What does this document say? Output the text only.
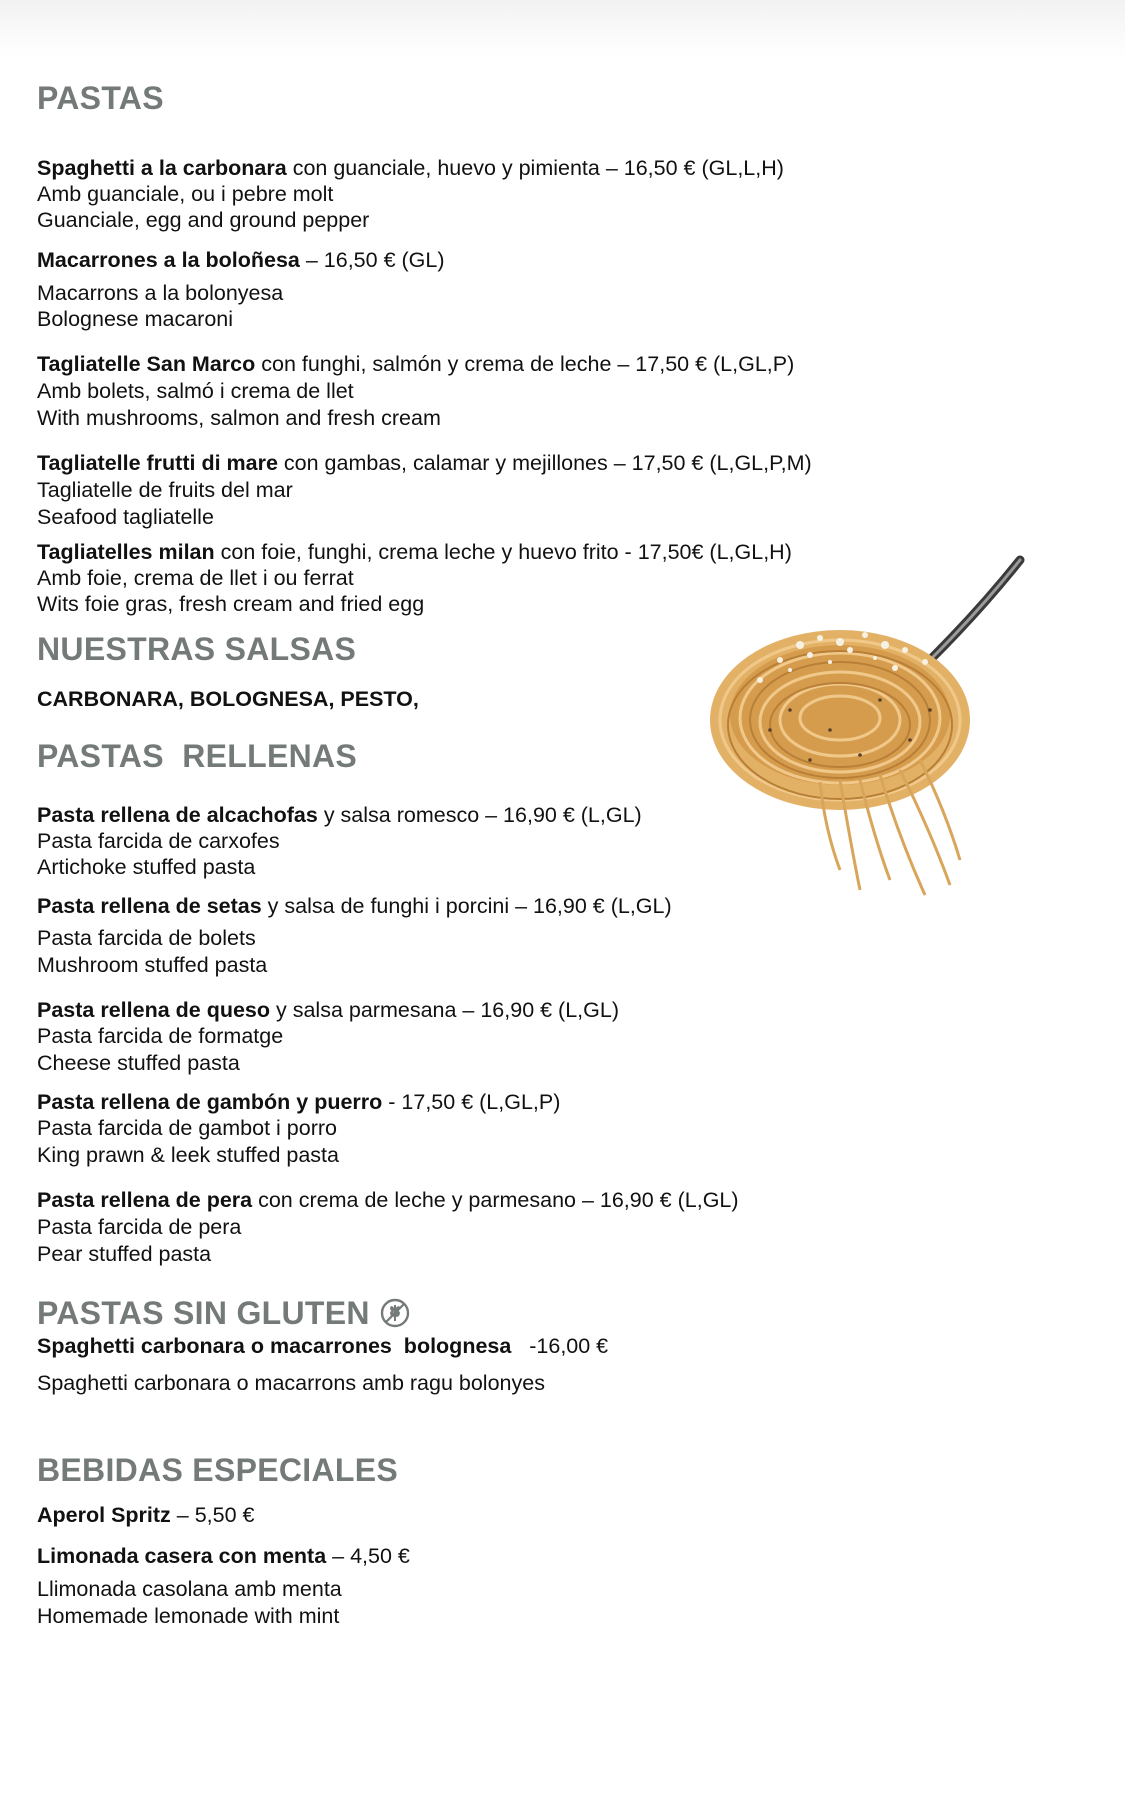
PASTAS
Spaghetti a la carbonara con guanciale, huevo y pimienta – 16,50 € (GL,L,H)
Amb guanciale, ou i pebre molt
Guanciale, egg and ground pepper
Macarrones a la boloñesa – 16,50 € (GL)
Macarrons a la bolonyesa
Bolognese macaroni
Tagliatelle San Marco con funghi, salmón y crema de leche – 17,50 € (L,GL,P)
Amb bolets, salmó i crema de llet
With mushrooms, salmon and fresh cream
Tagliatelle frutti di mare con gambas, calamar y mejillones – 17,50 € (L,GL,P,M)
Tagliatelle de fruits del mar
Seafood tagliatelle
Tagliatelles milan con foie, funghi, crema leche y huevo frito - 17,50€ (L,GL,H)
Amb foie, crema de llet i ou ferrat
Wits foie gras, fresh cream and fried egg
NUESTRAS SALSAS
CARBONARA, BOLOGNESA, PESTO,
PASTAS  RELLENAS
Pasta rellena de alcachofas y salsa romesco – 16,90 € (L,GL)
Pasta farcida de carxofes
Artichoke stuffed pasta
Pasta rellena de setas y salsa de funghi i porcini – 16,90 € (L,GL)
Pasta farcida de bolets
Mushroom stuffed pasta
Pasta rellena de queso y salsa parmesana – 16,90 € (L,GL)
Pasta farcida de formatge
Cheese stuffed pasta
Pasta rellena de gambón y puerro - 17,50 € (L,GL,P)
Pasta farcida de gambot i porro
King prawn & leek stuffed pasta
Pasta rellena de pera con crema de leche y parmesano – 16,90 € (L,GL)
Pasta farcida de pera
Pear stuffed pasta
PASTAS SIN GLUTEN
Spaghetti carbonara o macarrones  bolognesa   -16,00 €
Spaghetti carbonara o macarrons amb ragu bolonyes
BEBIDAS ESPECIALES
Aperol Spritz – 5,50 €
Limonada casera con menta – 4,50 €
Llimonada casolana amb menta
Homemade lemonade with mint
